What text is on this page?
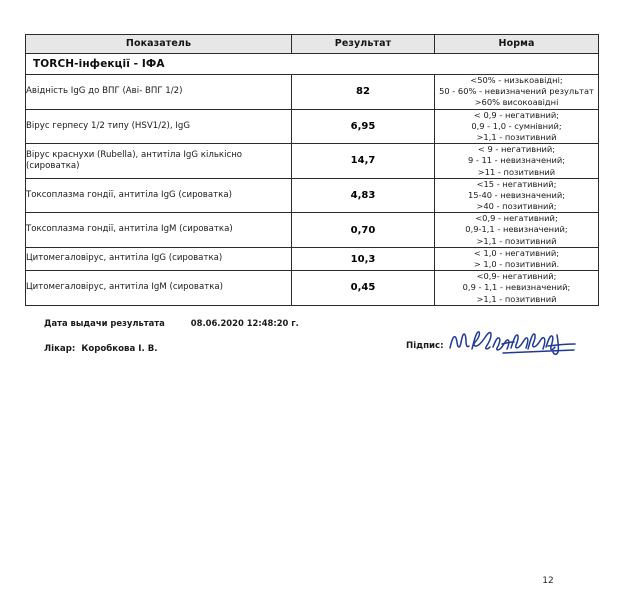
Показатель	Результат	Норма
TORCH-інфекції - ІФА		
Авідність IgG до ВПГ (Аві- ВПГ 1/2)	82	<50% - низькоавідні;
50 - 60% - невизначений результат
>60% високоавідні

Вірус герпесу 1/2 типу (HSV1/2), IgG	6,95	< 0,9 - негативний;
0,9 - 1,0 - сумнівний;
>1,1 - позитивний

Вірус краснухи (Rubella), антитіла IgG кількісно (сироватка)	14,7	< 9 - негативний;
9 - 11 - невизначений;
>11 - позитивний

Токсоплазма гондії, антитіла IgG (сироватка)	4,83	<15 - негативний;
15-40 - невизначений;
>40 - позитивний;

Токсоплазма гондії, антитіла IgM (сироватка)	0,70	<0,9 - негативний;
0,9-1,1 - невизначений;
>1,1 - позитивний

Цитомегаловірус, антитіла IgG (сироватка)	10,3	< 1,0 - негативний;
> 1,0 - позитивний.

Цитомегаловірус, антитіла IgM (сироватка)	0,45	<0,9- негативний;
0,9 - 1,1 - невизначений;
>1,1 - позитивний
Дата выдачи результата	08.06.2020 12:48:20 г.
Лікар: Коробкова І. В.	Підпис:
12
